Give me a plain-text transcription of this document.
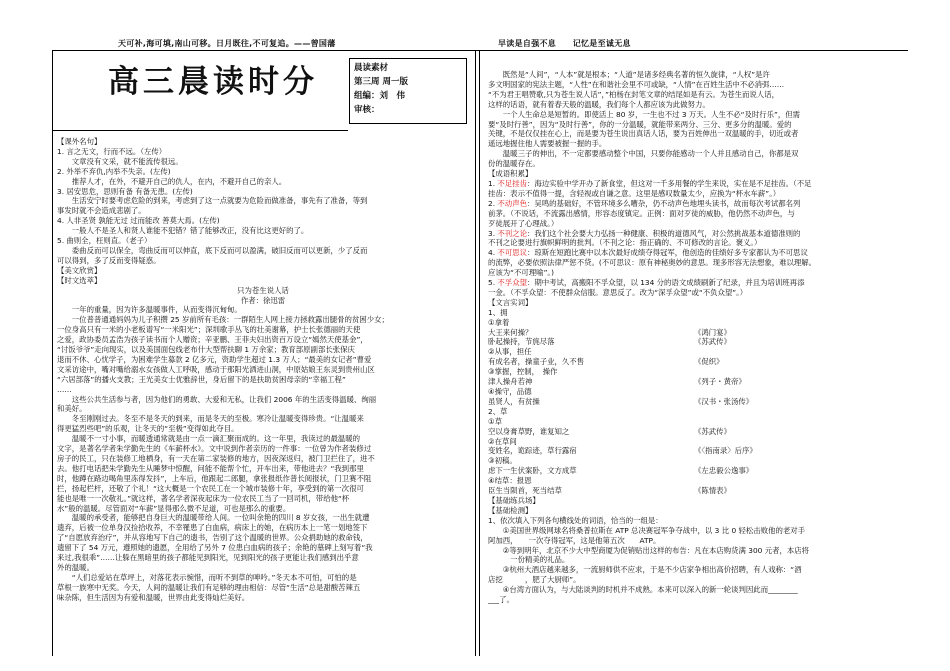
天可补,海可填,南山可移。日月既往,不可复追。——曾国藩	早读是自强不息　　记忆是至诚无息
高三晨读时分	晨读素材
第三周 周一版
组编：刘　伟
审核：

【课外名句】

1. 言之无文，行而不远。（左传）

　　文章没有文采，就不能流传很远。

2. 外举不弃仇,内举不失亲。(左传)

　　推荐人才，在外，不避开自己的仇人，在内，不避开自己的亲人。

3. 居安思危，思则有备 有备无患。(左传)

　　生活安宁时要考虑危险的到来，考虑到了这一点就要为危险而做准备，事先有了准备，等到

事发时就不会造成悲剧了。

4. 人非圣贤 孰能无过 过而能改 善莫大焉。(左传)

　　一般人不是圣人和贤人谁能不犯错？错了能够改正，没有比这更好的了。

5. 曲则全，枉则直。（老子）

　　委曲反而可以保全，弯曲反而可以伸直，底下反而可以盈满，破旧反而可以更新，少了反而

可以得到，多了反而变得疑惑。

【美文欣赏】

【时文选萃】

只为苍生说人话

作者：徐迅雷

　　一年的重量，因为许多温暖事件，从而变得沉甸甸。

　　一位普普通通妈妈为儿子积攒 25 岁前所有毛孩：一群陌生人网上接力拯救露出腿骨的贫困少女；

一位身高只有一米的小老板谱写“一米阳光”；深圳歌手丛飞的壮美谢幕，护士长张德丽的天使

之爱，政协委员孟浩为孩子读书而个人赠资；辛亚鹏、王菲夫妇出资百万设立“嫣然天使基金”，

“讨饭爷爷”走向现实，以及美国面包线老布什大型帮扶聊 1 万余家；教育部原副部长张保庆

退而不休、心忧学子，为困难学生募款 2 亿多元，资助学生超过 1.3 万人；“最美的女记者”曹爱

文采访途中，嘴对嘴给溺水女孩做人工呼吸，感动于那阳光洒进山洞，中原姑娘王东灵到贵州山区

“六居部落”的播火支教；王光美女士优雅辞世，身后留下的是扶助贫困母亲的“幸福工程”

……

　　这些公共生活参与者，因为他们的勇敢、大爱和无私，让我们 2006 年的生活变得温暖、绚丽

和美好。

　　冬至刚刚过去。冬至不是冬天的到来，而是冬天的至极。寒冷让温暖变得珍贵。“让温暖来

得更猛烈些吧”的乐观，让冬天的“至极”变得如此夺目。

　　温暖不一寸小事，而暖透通常就是由一点一滴汇聚而成的。这一年里，我读过的最温暖的

文字，是著名学者朱学勤先生的《车薪杯水》。文中说到作者亲历的一件事：一位曾为作者装修过

房子的民工，只在装修工地栖身，有一天在第二家装修的地方，因夜深返归，被门卫拦住了，进不

去。他打电话把朱学勤先生从睡梦中惊醒，问能不能帮个忙，开车出来，带他进去？“我到那里

时，他蹲在路边喝角里冻得发抖”，上车后，他跟起二郎腿，拿张报纸作普长阅报状，门卫赛不阻

拦，扬起栏杆，还敬了个礼！“这大概是一个农民工在一个城市装修十年，享受到的第一次很可

能也是唯一一次敬礼。”就这样，著名学者深夜起床为一位农民工当了一回司机，带给他“杯

水”般的温暖。尽管面对“车薪”显得那么微不足道，可也是那么的重要。

　　温暖的承受者，能够把自身巨大的温暖带给人间。一位叫余艳的四川 8 岁女孩，一出生就遭

遗弃，后被一位单身汉捡拾收养，不幸罹患了白血病，病床上的她，在病历本上一笔一划地签下

了“自愿放弃治疗”，并从容地写下自己的遗书，告别了这个温暖的世界。公众捐助她的救命钱，

遗留下了 54 万元，遵照她的遗愿，全用给了另外 7 位患白血病的孩子；余艳的墓碑上刻写着“我

来过,我很乖”……让躲在黑暗里的孩子都能见到阳光，见到阳光的孩子更能让我们感到出乎意

外的温暖。

　　“人们总爱站在草坪上，对落花表示惋惜，而听不到草的呻吟。”冬天本不可怕，可怕的是

草根一族寒中无奖。今天，人间的温暖让我们有足够的理由相信：尽管“生活”总是甜酸苦辣五

味杂陈，但生活因为有爱和温暖，世界由此变得灿烂美好。

　　既然是“人间”，“人本”就是根本；“人道”是诸多经典名著的恒久旋律，“人权”是许

多文明国家的宪法主题，“人性”在和谐社会里不可或缺，“人情”在百姓生活中不必消弭……

“不为君王唱赞歌,只为苍生说人话”，”柏杨在封笔文章的结尾如是有云。为苍生而说人话，

这样的话语，就有着春天般的温暖，我们每个人都应该为此做努力。

　　一个人生命总是短暂的。即使活上 80 岁，一生也不过 3 万天。人生不必“及时行乐”，但需

要“及时行善”，因为“及时行善”，你的一分温暖，就能带来两分、三分、更多分的温暖。爱的

关键，不是仅仅挂在心上，而是要为苍生说出真话人话，要为百姓伸出一双温暖的手，切近或者

遥远地握住他人需要被握一握的手。

　　温暖三子的伸出，不一定都要感动整个中国，只要你能感动一个人并且感动自己，你都是双

份的温暖存在。

【成语积累】

1. 不足挂齿：海边实验中学开办了新食堂，但这对一千多用餐的学生来说，实在是不足挂齿。（不足

挂齿：表示不值得一提，含轻视或自谦之意。这里是感叹数量太少，应换为“杯水车薪”。）

2. 不动声色：吴鸣的基础好，不管环境多么嘈杂，仍不动声色地埋头读书，故而每次考试都名列

前茅。（不说话，不流露出感情，形容态度镇定。正例：面对歹徒的威胁，他仍然不动声色，与

歹徒展开了心理战。）

3. 不刊之论：我们这个社会要大力弘扬一种健康、积极的道德风气，对公然挑战基本道德准则的

不刊之论要进行旗帜鲜明的批判。（不刊之论：指正确的、不可修改的言论。褒义。）

4. 不可思议：琼斯在短跑比赛中以本次最好成绩夺得冠军，他创造的佳绩好多专家都认为不可思议

的流弊，必要依照法律严惩不贷。(不可思议：原有神秘奥妙的意思。现多形容无法想象，难以理解。

应该为“不可理喻”。)

5. 不孚众望：期中考试，高搬阳不孚众望，以 134 分的语文成绩刷新了纪录，并且为培训班再添

一金。（不孚众望：不使群众信服。意思反了。改为“深孚众望”或“不负众望”。）

【文言实词】

1、拥

①拿着

大王来何操？	《鸿门宴》

卧起操持，节旄尽落	《苏武传》

②从事，担任

有成名者，操童子业，久不售	《促织》

③掌握，控制，　操作

津人操舟若神	《列子・黄帝》

④操守，品德

虽贤人，有贫操	《汉书・张汤传》

2、草

①草

空以身膏草野，谁复知之	《苏武传》

②在草间

变姓名，诡踪迹，草行露宿	《〈指南录〉后序》

③初稿。

虑下一生伏案卧，文方成草	《左忠毅公逸事》

④结草：报恩

臣生当陨首，死当结草	《陈情表》

【基础练兵场】

【基础检测】

1、依次填入下列各句横线处的词语，恰当的一组是：

　　①美国世界级网球名将桑普拉斯在 ATP 总决赛冠军争夺战中，以 3 比 0 轻松击败他的老对手

阿加西，　　一次夺得冠军，这是他第五次　　ATP。

　　②等到明年，北京不少大中型商厦为促销贴出这样的布告：凡在本店购货满 300 元者，本店将

　　　一份精美的礼品。

　　③杭州大酒店越来越多，一流厨师供不应求，于是不少店家争相出高价招聘，有人戏称：“酒

店挖　　　，肥了大厨师”。

　　④台湾方面认为，与大陆谈判的时机并不成熟。本来可以深入的新一轮谈判因此而________

___了。
